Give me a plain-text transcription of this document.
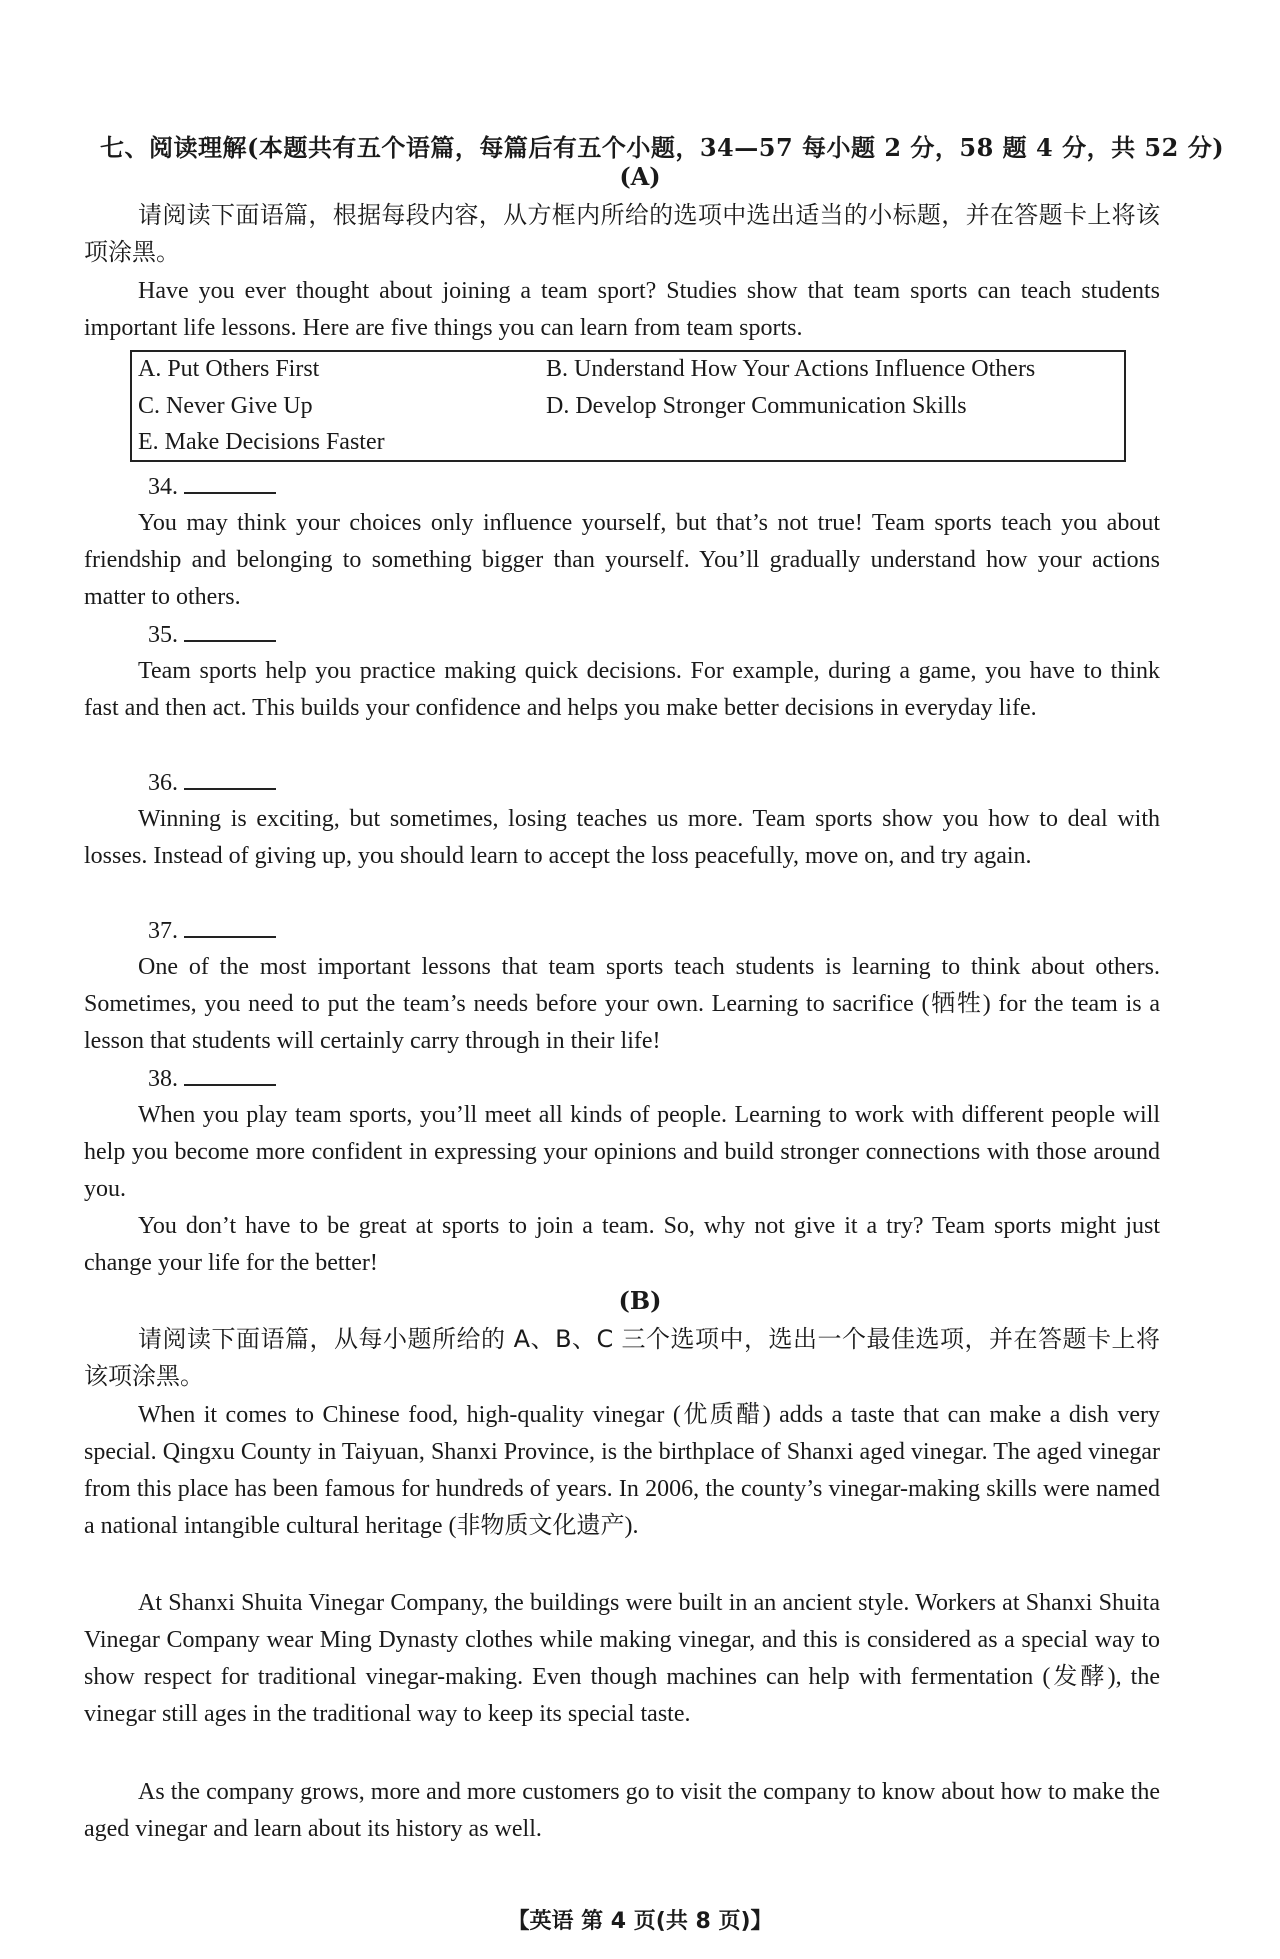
七、阅读理解(本题共有五个语篇，每篇后有五个小题，34—57 每小题 2 分，58 题 4 分，共 52 分)
(A)

请阅读下面语篇，根据每段内容，从方框内所给的选项中选出适当的小标题，并在答题卡上将该项涂黑。

Have you ever thought about joining a team sport? Studies show that team sports can teach students important life lessons. Here are five things you can learn from team sports.

A. Put Others First	B. Understand How Your Actions Influence Others
C. Never Give Up	D. Develop Stronger Communication Skills
E. Make Decisions Faster
34.

You may think your choices only influence yourself, but that’s not true! Team sports teach you about friendship and belonging to something bigger than yourself. You’ll gradually understand how your actions matter to others.

35.

Team sports help you practice making quick decisions. For example, during a game, you have to think fast and then act. This builds your confidence and helps you make better decisions in everyday life.

36.

Winning is exciting, but sometimes, losing teaches us more. Team sports show you how to deal with losses. Instead of giving up, you should learn to accept the loss peacefully, move on, and try again.

37.

One of the most important lessons that team sports teach students is learning to think about others. Sometimes, you need to put the team’s needs before your own. Learning to sacrifice (牺牲) for the team is a lesson that students will certainly carry through in their life!

38.

When you play team sports, you’ll meet all kinds of people. Learning to work with different people will help you become more confident in expressing your opinions and build stronger connections with those around you.

You don’t have to be great at sports to join a team. So, why not give it a try? Team sports might just change your life for the better!

(B)

请阅读下面语篇，从每小题所给的 A、B、C 三个选项中，选出一个最佳选项，并在答题卡上将该项涂黑。

When it comes to Chinese food, high-quality vinegar (优质醋) adds a taste that can make a dish very special. Qingxu County in Taiyuan, Shanxi Province, is the birthplace of Shanxi aged vinegar. The aged vinegar from this place has been famous for hundreds of years. In 2006, the county’s vinegar-making skills were named a national intangible cultural heritage (非物质文化遗产).

At Shanxi Shuita Vinegar Company, the buildings were built in an ancient style. Workers at Shanxi Shuita Vinegar Company wear Ming Dynasty clothes while making vinegar, and this is considered as a special way to show respect for traditional vinegar-making. Even though machines can help with fermentation (发酵), the vinegar still ages in the traditional way to keep its special taste.

As the company grows, more and more customers go to visit the company to know about how to make the aged vinegar and learn about its history as well.

【英语 第 4 页(共 8 页)】
